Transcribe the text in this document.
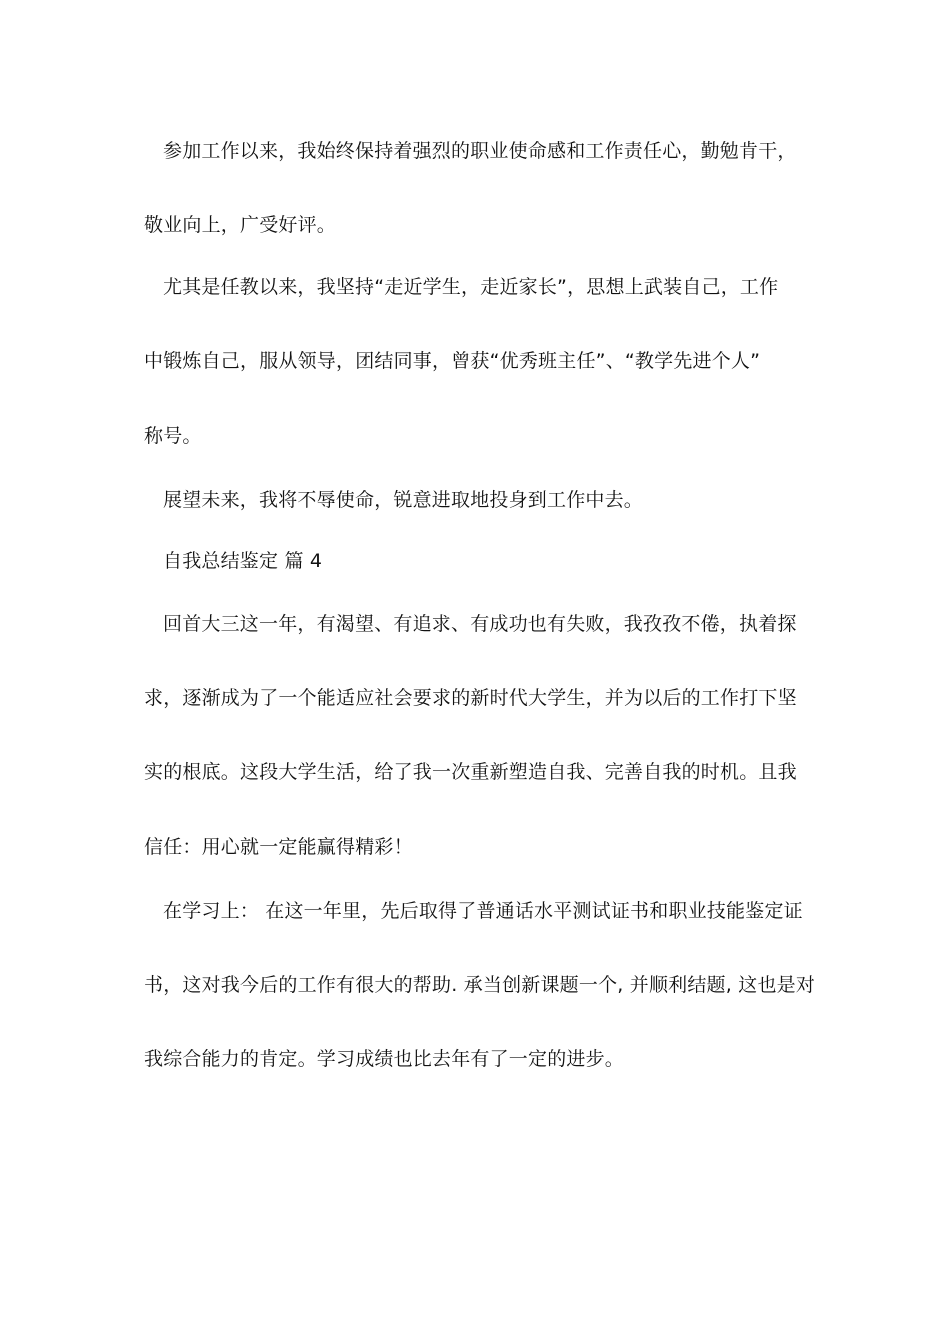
参加工作以来，我始终保持着强烈的职业使命感和工作责任心，勤勉肯干，
敬业向上，广受好评。
尤其是任教以来，我坚持“走近学生，走近家长”，思想上武装自己，工作
中锻炼自己，服从领导，团结同事，曾获“优秀班主任”、“教学先进个人”
称号。
展望未来，我将不辱使命，锐意进取地投身到工作中去。
自我总结鉴定 篇 4
回首大三这一年，有渴望、有追求、有成功也有失败，我孜孜不倦，执着探
求，逐渐成为了一个能适应社会要求的新时代大学生，并为以后的工作打下坚
实的根底。这段大学生活，给了我一次重新塑造自我、完善自我的时机。且我
信任：用心就一定能赢得精彩！
在学习上： 在这一年里，先后取得了普通话水平测试证书和职业技能鉴定证
书，这对我今后的工作有很大的帮助. 承当创新课题一个, 并顺利结题, 这也是对
我综合能力的肯定。学习成绩也比去年有了一定的进步。
